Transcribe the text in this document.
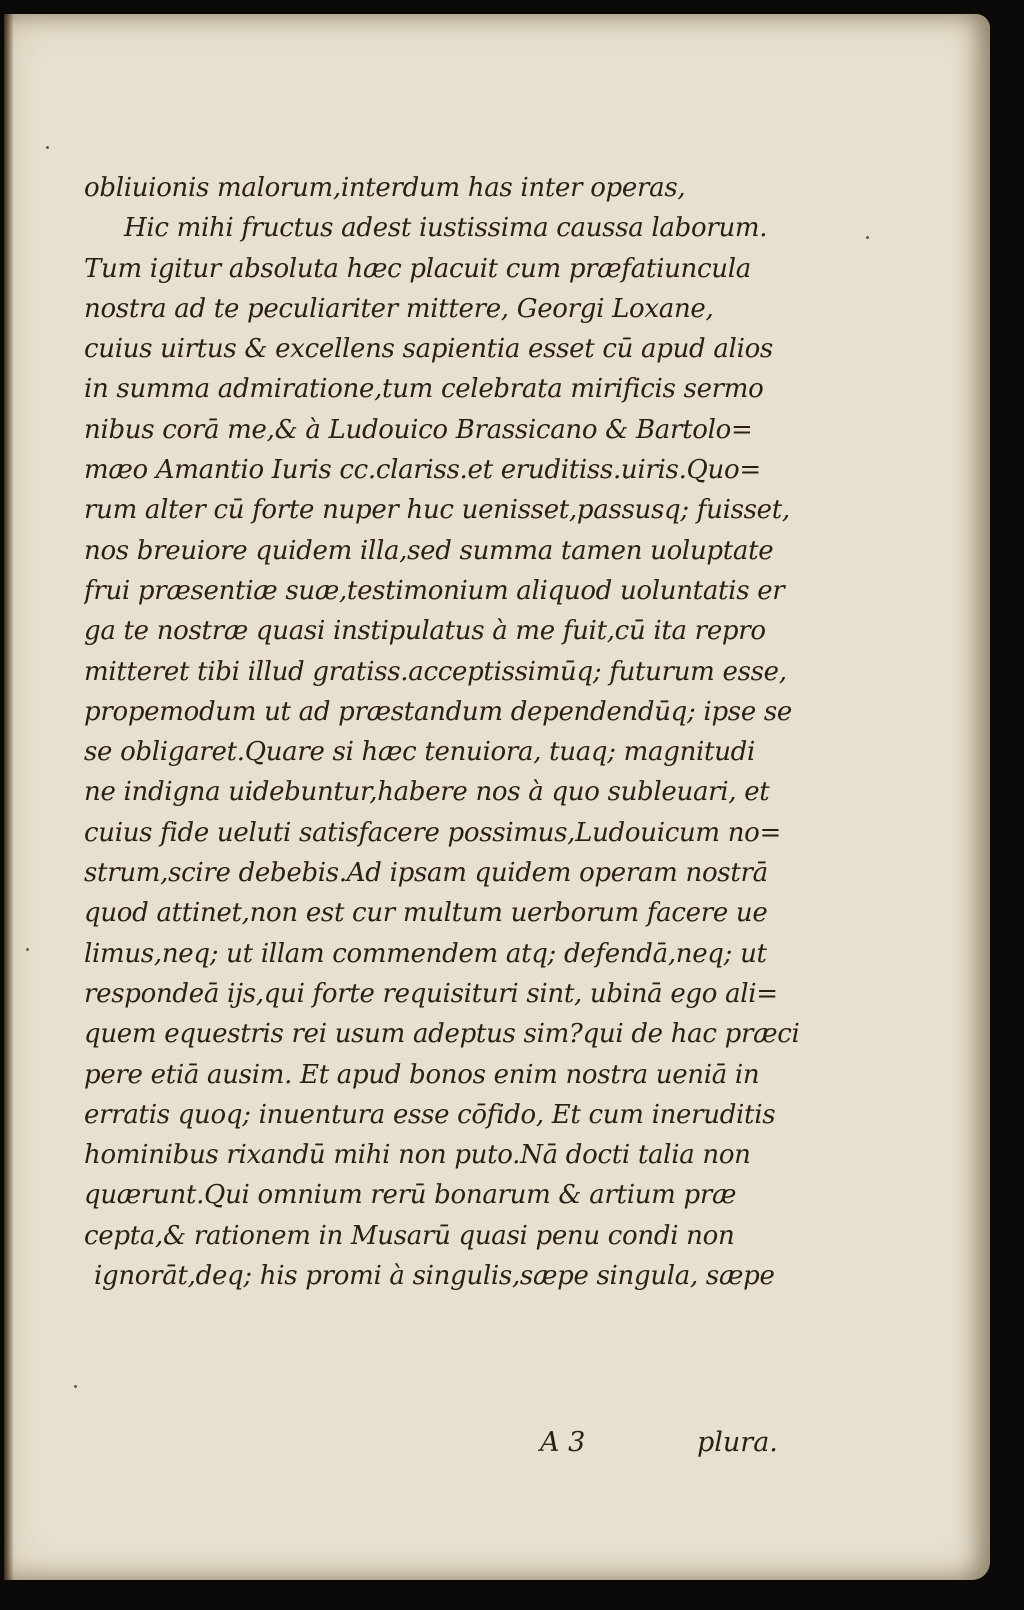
obliuionis malorum,interdum has inter operas,
Hic mihi fructus adest iustissima caussa laborum.
Tum igitur absoluta hæc placuit cum præfatiuncula
nostra ad te peculiariter mittere, Georgi Loxane,
cuius uirtus & excellens sapientia esset cū apud alios
in summa admiratione,tum celebrata mirificis sermo
nibus corā me,& à Ludouico Brassicano & Bartolo=
mæo Amantio Iuris cc.clariss.et eruditiss.uiris.Quo=
rum alter cū forte nuper huc uenisset,passusq; fuisset,
nos breuiore quidem illa,sed summa tamen uoluptate
frui præsentiæ suæ,testimonium aliquod uoluntatis er
ga te nostræ quasi instipulatus à me fuit,cū ita repro
mitteret tibi illud gratiss.acceptissimūq; futurum esse,
propemodum ut ad præstandum dependendūq; ipse se
se obligaret.Quare si hæc tenuiora, tuaq; magnitudi
ne indigna uidebuntur,habere nos à quo subleuari, et
cuius fide ueluti satisfacere possimus,Ludouicum no=
strum,scire debebis.Ad ipsam quidem operam nostrā
quod attinet,non est cur multum uerborum facere ue
limus,neq; ut illam commendem atq; defendā,neq; ut
respondeā ijs,qui forte requisituri sint, ubinā ego ali=
quem equestris rei usum adeptus sim?qui de hac præci
pere etiā ausim. Et apud bonos enim nostra ueniā in
erratis quoq; inuentura esse cōfido, Et cum ineruditis
hominibus rixandū mihi non puto.Nā docti talia non
quærunt.Qui omnium rerū bonarum & artium præ
cepta,& rationem in Musarū quasi penu condi non
ignorāt,deq; his promi à singulis,sæpe singula, sæpe
A 3	plura.
